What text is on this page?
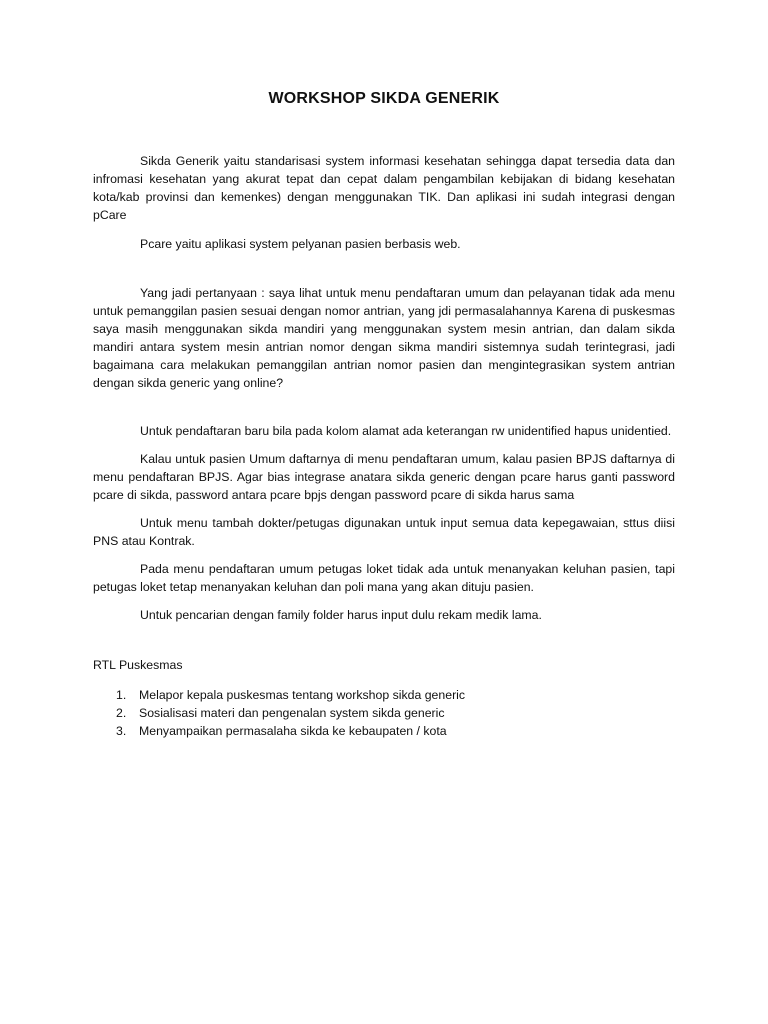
WORKSHOP SIKDA GENERIK

Sikda Generik yaitu standarisasi system informasi kesehatan sehingga dapat tersedia data dan infromasi kesehatan yang akurat tepat dan cepat dalam pengambilan kebijakan di bidang kesehatan kota/kab provinsi dan kemenkes) dengan menggunakan TIK. Dan aplikasi ini sudah integrasi dengan pCare

Pcare yaitu aplikasi system pelyanan pasien berbasis web.

Yang jadi pertanyaan : saya lihat untuk menu pendaftaran umum dan pelayanan tidak ada menu untuk pemanggilan pasien sesuai dengan nomor antrian, yang jdi permasalahannya Karena di puskesmas saya masih menggunakan sikda mandiri yang menggunakan system mesin antrian, dan dalam sikda mandiri antara system mesin antrian nomor dengan sikma mandiri sistemnya sudah terintegrasi, jadi bagaimana cara melakukan pemanggilan antrian nomor pasien dan mengintegrasikan system antrian dengan sikda generic yang online?

Untuk pendaftaran baru bila pada kolom alamat ada keterangan rw unidentified hapus unidentied.

Kalau untuk pasien Umum daftarnya di menu pendaftaran umum, kalau pasien BPJS daftarnya di menu pendaftaran BPJS. Agar bias integrase anatara sikda generic dengan pcare harus ganti password pcare di sikda, password antara pcare bpjs dengan password pcare di sikda harus sama

Untuk menu tambah dokter/petugas digunakan untuk input semua data kepegawaian, sttus diisi PNS atau Kontrak.

Pada menu pendaftaran umum petugas loket tidak ada untuk menanyakan keluhan pasien, tapi petugas loket tetap menanyakan keluhan dan poli mana yang akan dituju pasien.

Untuk pencarian dengan family folder harus input dulu rekam medik lama.

RTL Puskesmas

1.	Melapor kepala puskesmas tentang workshop sikda generic
2.	Sosialisasi materi dan pengenalan system sikda generic
3.	Menyampaikan permasalaha sikda ke kebaupaten / kota
